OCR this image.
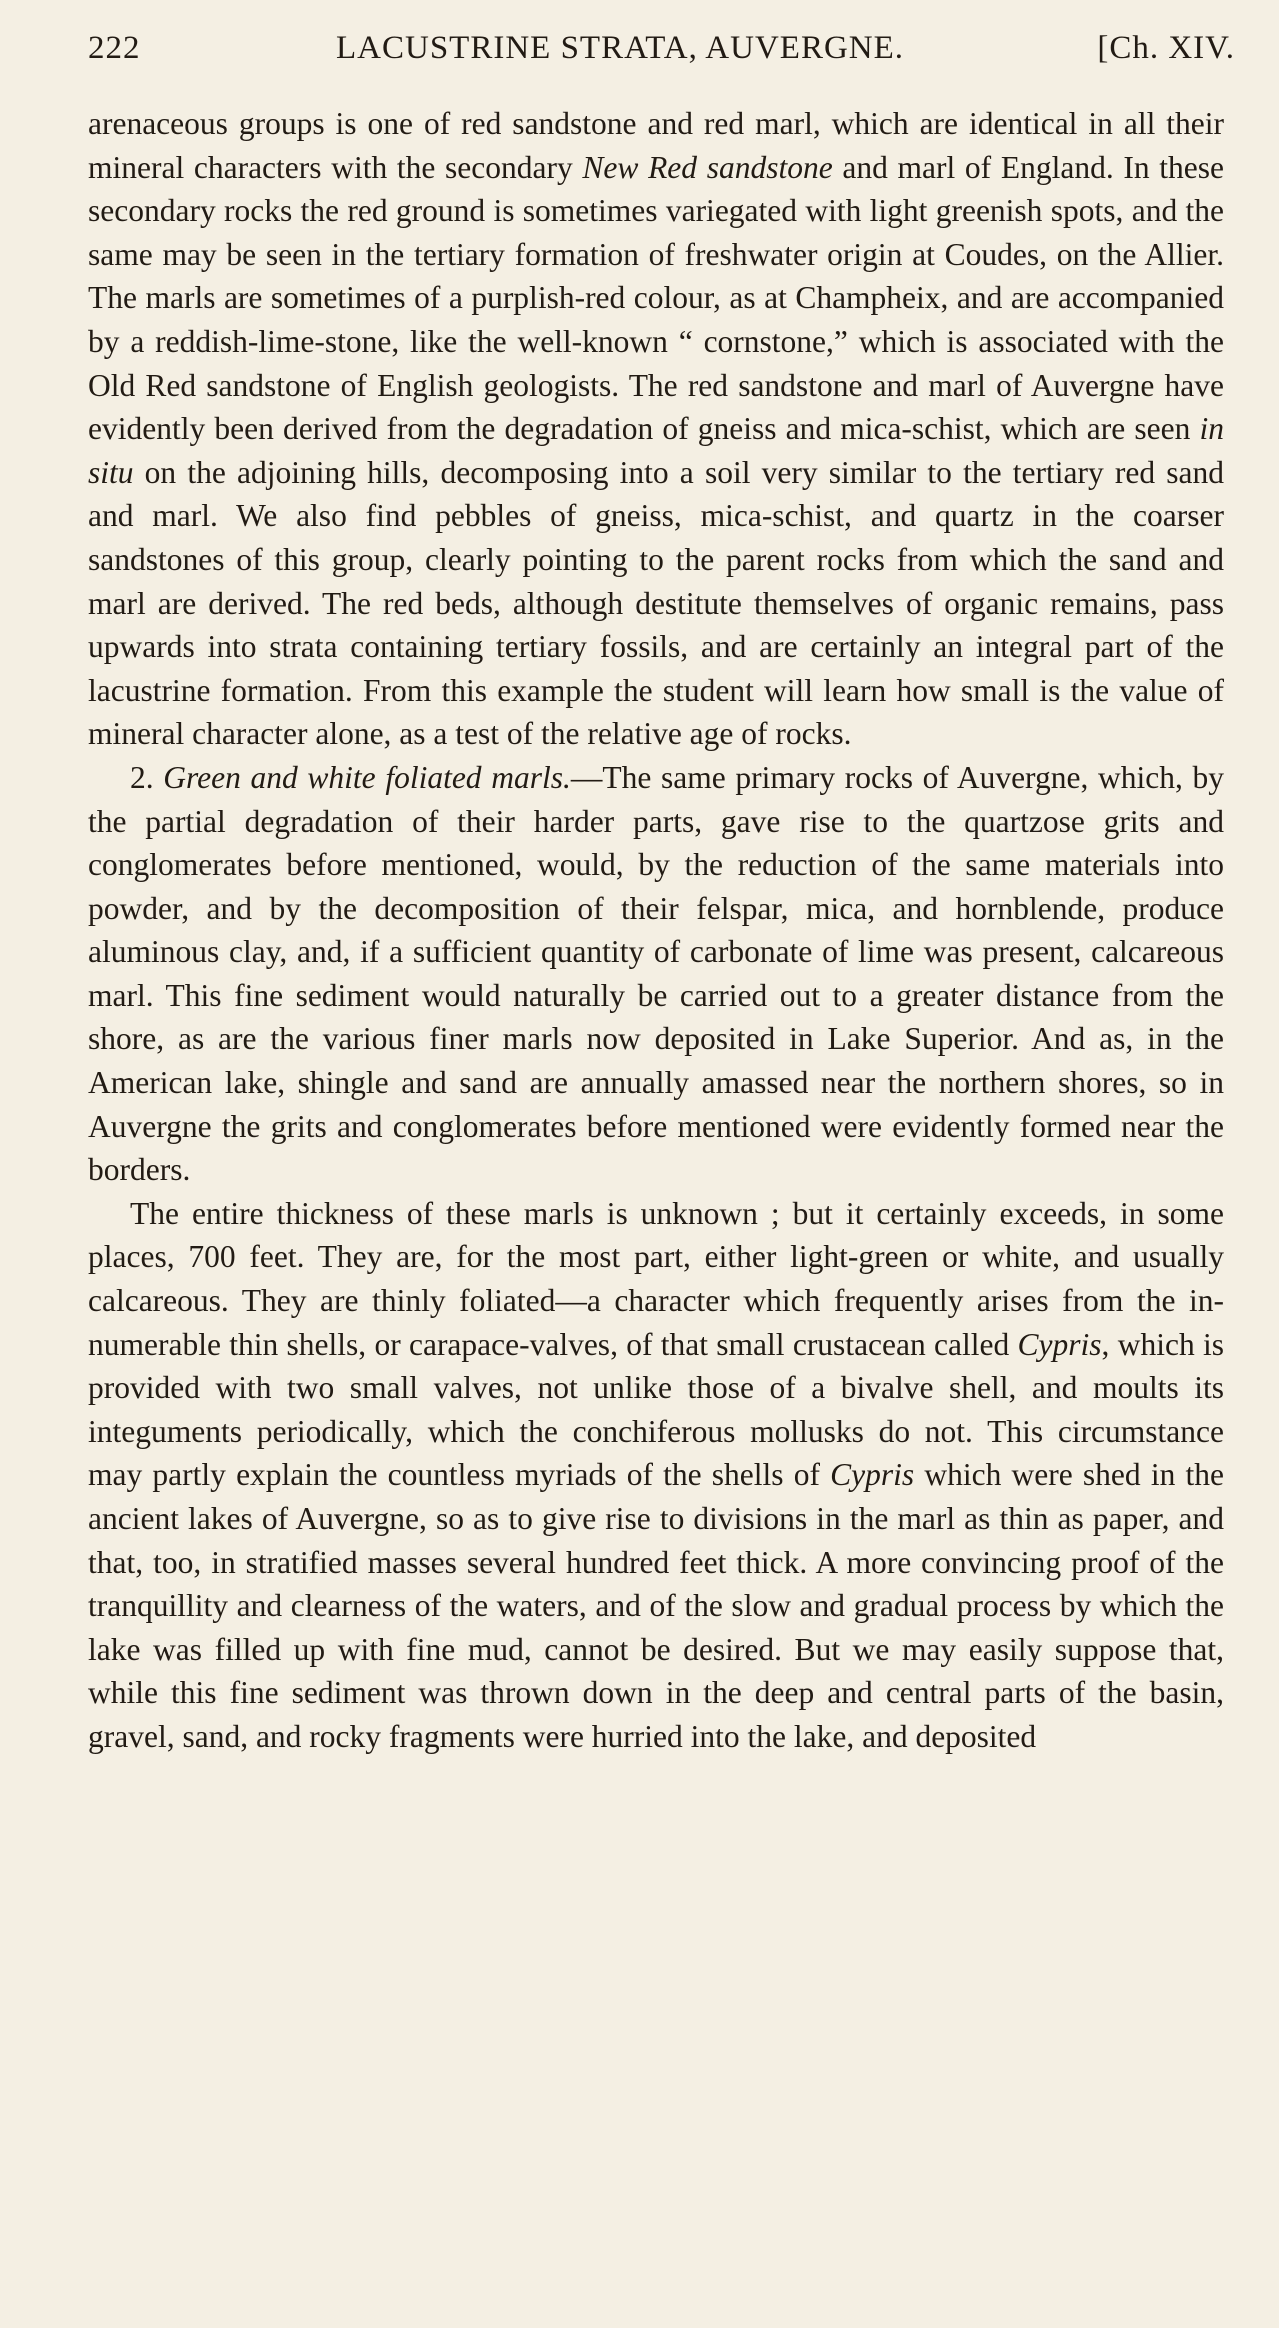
222	LACUSTRINE STRATA, AUVERGNE.	[Ch. XIV.

arenaceous groups is one of red sandstone and red marl, which are identical in all their mineral characters with the secondary New Red sandstone and marl of England. In these secondary rocks the red ground is sometimes variegated with light greenish spots, and the same may be seen in the tertiary formation of freshwater origin at Coudes, on the Allier. The marls are sometimes of a purplish-red colour, as at Champheix, and are accompanied by a reddish-lime-stone, like the well-known “ cornstone,” which is associated with the Old Red sandstone of English geologists. The red sandstone and marl of Auvergne have evidently been derived from the degradation of gneiss and mica-schist, which are seen in situ on the adjoining hills, decomposing into a soil very similar to the tertiary red sand and marl. We also find pebbles of gneiss, mica-schist, and quartz in the coarser sandstones of this group, clearly pointing to the parent rocks from which the sand and marl are derived. The red beds, although destitute themselves of organic remains, pass upwards into strata containing tertiary fossils, and are certainly an integral part of the lacustrine formation. From this example the student will learn how small is the value of mineral character alone, as a test of the relative age of rocks.

2. Green and white foliated marls.—The same primary rocks of Auvergne, which, by the partial degradation of their harder parts, gave rise to the quartzose grits and conglomerates before mentioned, would, by the reduction of the same materials into powder, and by the decomposition of their felspar, mica, and hornblende, produce aluminous clay, and, if a sufficient quantity of carbonate of lime was present, calcareous marl. This fine sediment would naturally be carried out to a greater distance from the shore, as are the various finer marls now deposited in Lake Superior. And as, in the American lake, shingle and sand are annually amassed near the northern shores, so in Auvergne the grits and conglomerates before mentioned were evidently formed near the borders.

The entire thickness of these marls is unknown ; but it certainly exceeds, in some places, 700 feet. They are, for the most part, either light-green or white, and usually calcareous. They are thinly foliated—a character which frequently arises from the in-numerable thin shells, or carapace-valves, of that small crustacean called Cypris, which is provided with two small valves, not unlike those of a bivalve shell, and moults its integuments periodically, which the conchiferous mollusks do not. This circumstance may partly explain the countless myriads of the shells of Cypris which were shed in the ancient lakes of Auvergne, so as to give rise to divisions in the marl as thin as paper, and that, too, in stratified masses several hundred feet thick. A more convincing proof of the tranquillity and clearness of the waters, and of the slow and gradual process by which the lake was filled up with fine mud, cannot be desired. But we may easily suppose that, while this fine sediment was thrown down in the deep and central parts of the basin, gravel, sand, and rocky fragments were hurried into the lake, and deposited
